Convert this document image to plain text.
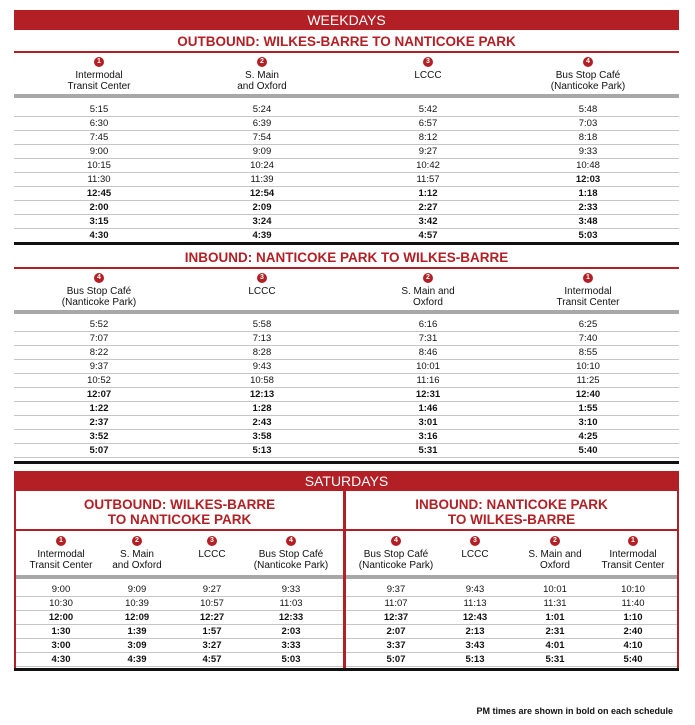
WEEKDAYS
OUTBOUND: WILKES-BARRE TO NANTICOKE PARK
1
Intermodal
Transit Center
2
S. Main
and Oxford
3
LCCC

4
Bus Stop Café
(Nanticoke Park)
5:15	5:24	5:42	5:48
6:30	6:39	6:57	7:03
7:45	7:54	8:12	8:18
9:00	9:09	9:27	9:33
10:15	10:24	10:42	10:48
11:30	11:39	11:57	12:03
12:45	12:54	1:12	1:18
2:00	2:09	2:27	2:33
3:15	3:24	3:42	3:48
4:30	4:39	4:57	5:03
INBOUND: NANTICOKE PARK TO WILKES-BARRE
4
Bus Stop Café
(Nanticoke Park)
3
LCCC

2
S. Main and
Oxford
1
Intermodal
Transit Center
5:52	5:58	6:16	6:25
7:07	7:13	7:31	7:40
8:22	8:28	8:46	8:55
9:37	9:43	10:01	10:10
10:52	10:58	11:16	11:25
12:07	12:13	12:31	12:40
1:22	1:28	1:46	1:55
2:37	2:43	3:01	3:10
3:52	3:58	3:16	4:25
5:07	5:13	5:31	5:40
SATURDAYS
OUTBOUND: WILKES-BARRE
TO NANTICOKE PARK
INBOUND: NANTICOKE PARK
TO WILKES-BARRE
1
Intermodal
Transit Center
2
S. Main
and Oxford
3
LCCC

4
Bus Stop Café
(Nanticoke Park)
4
Bus Stop Café
(Nanticoke Park)
3
LCCC

2
S. Main and
Oxford
1
Intermodal
Transit Center
9:00	9:09	9:27	9:33
10:30	10:39	10:57	11:03
12:00	12:09	12:27	12:33
1:30	1:39	1:57	2:03
3:00	3:09	3:27	3:33
4:30	4:39	4:57	5:03
9:37	9:43	10:01	10:10
11:07	11:13	11:31	11:40
12:37	12:43	1:01	1:10
2:07	2:13	2:31	2:40
3:37	3:43	4:01	4:10
5:07	5:13	5:31	5:40
PM times are shown in bold on each schedule
